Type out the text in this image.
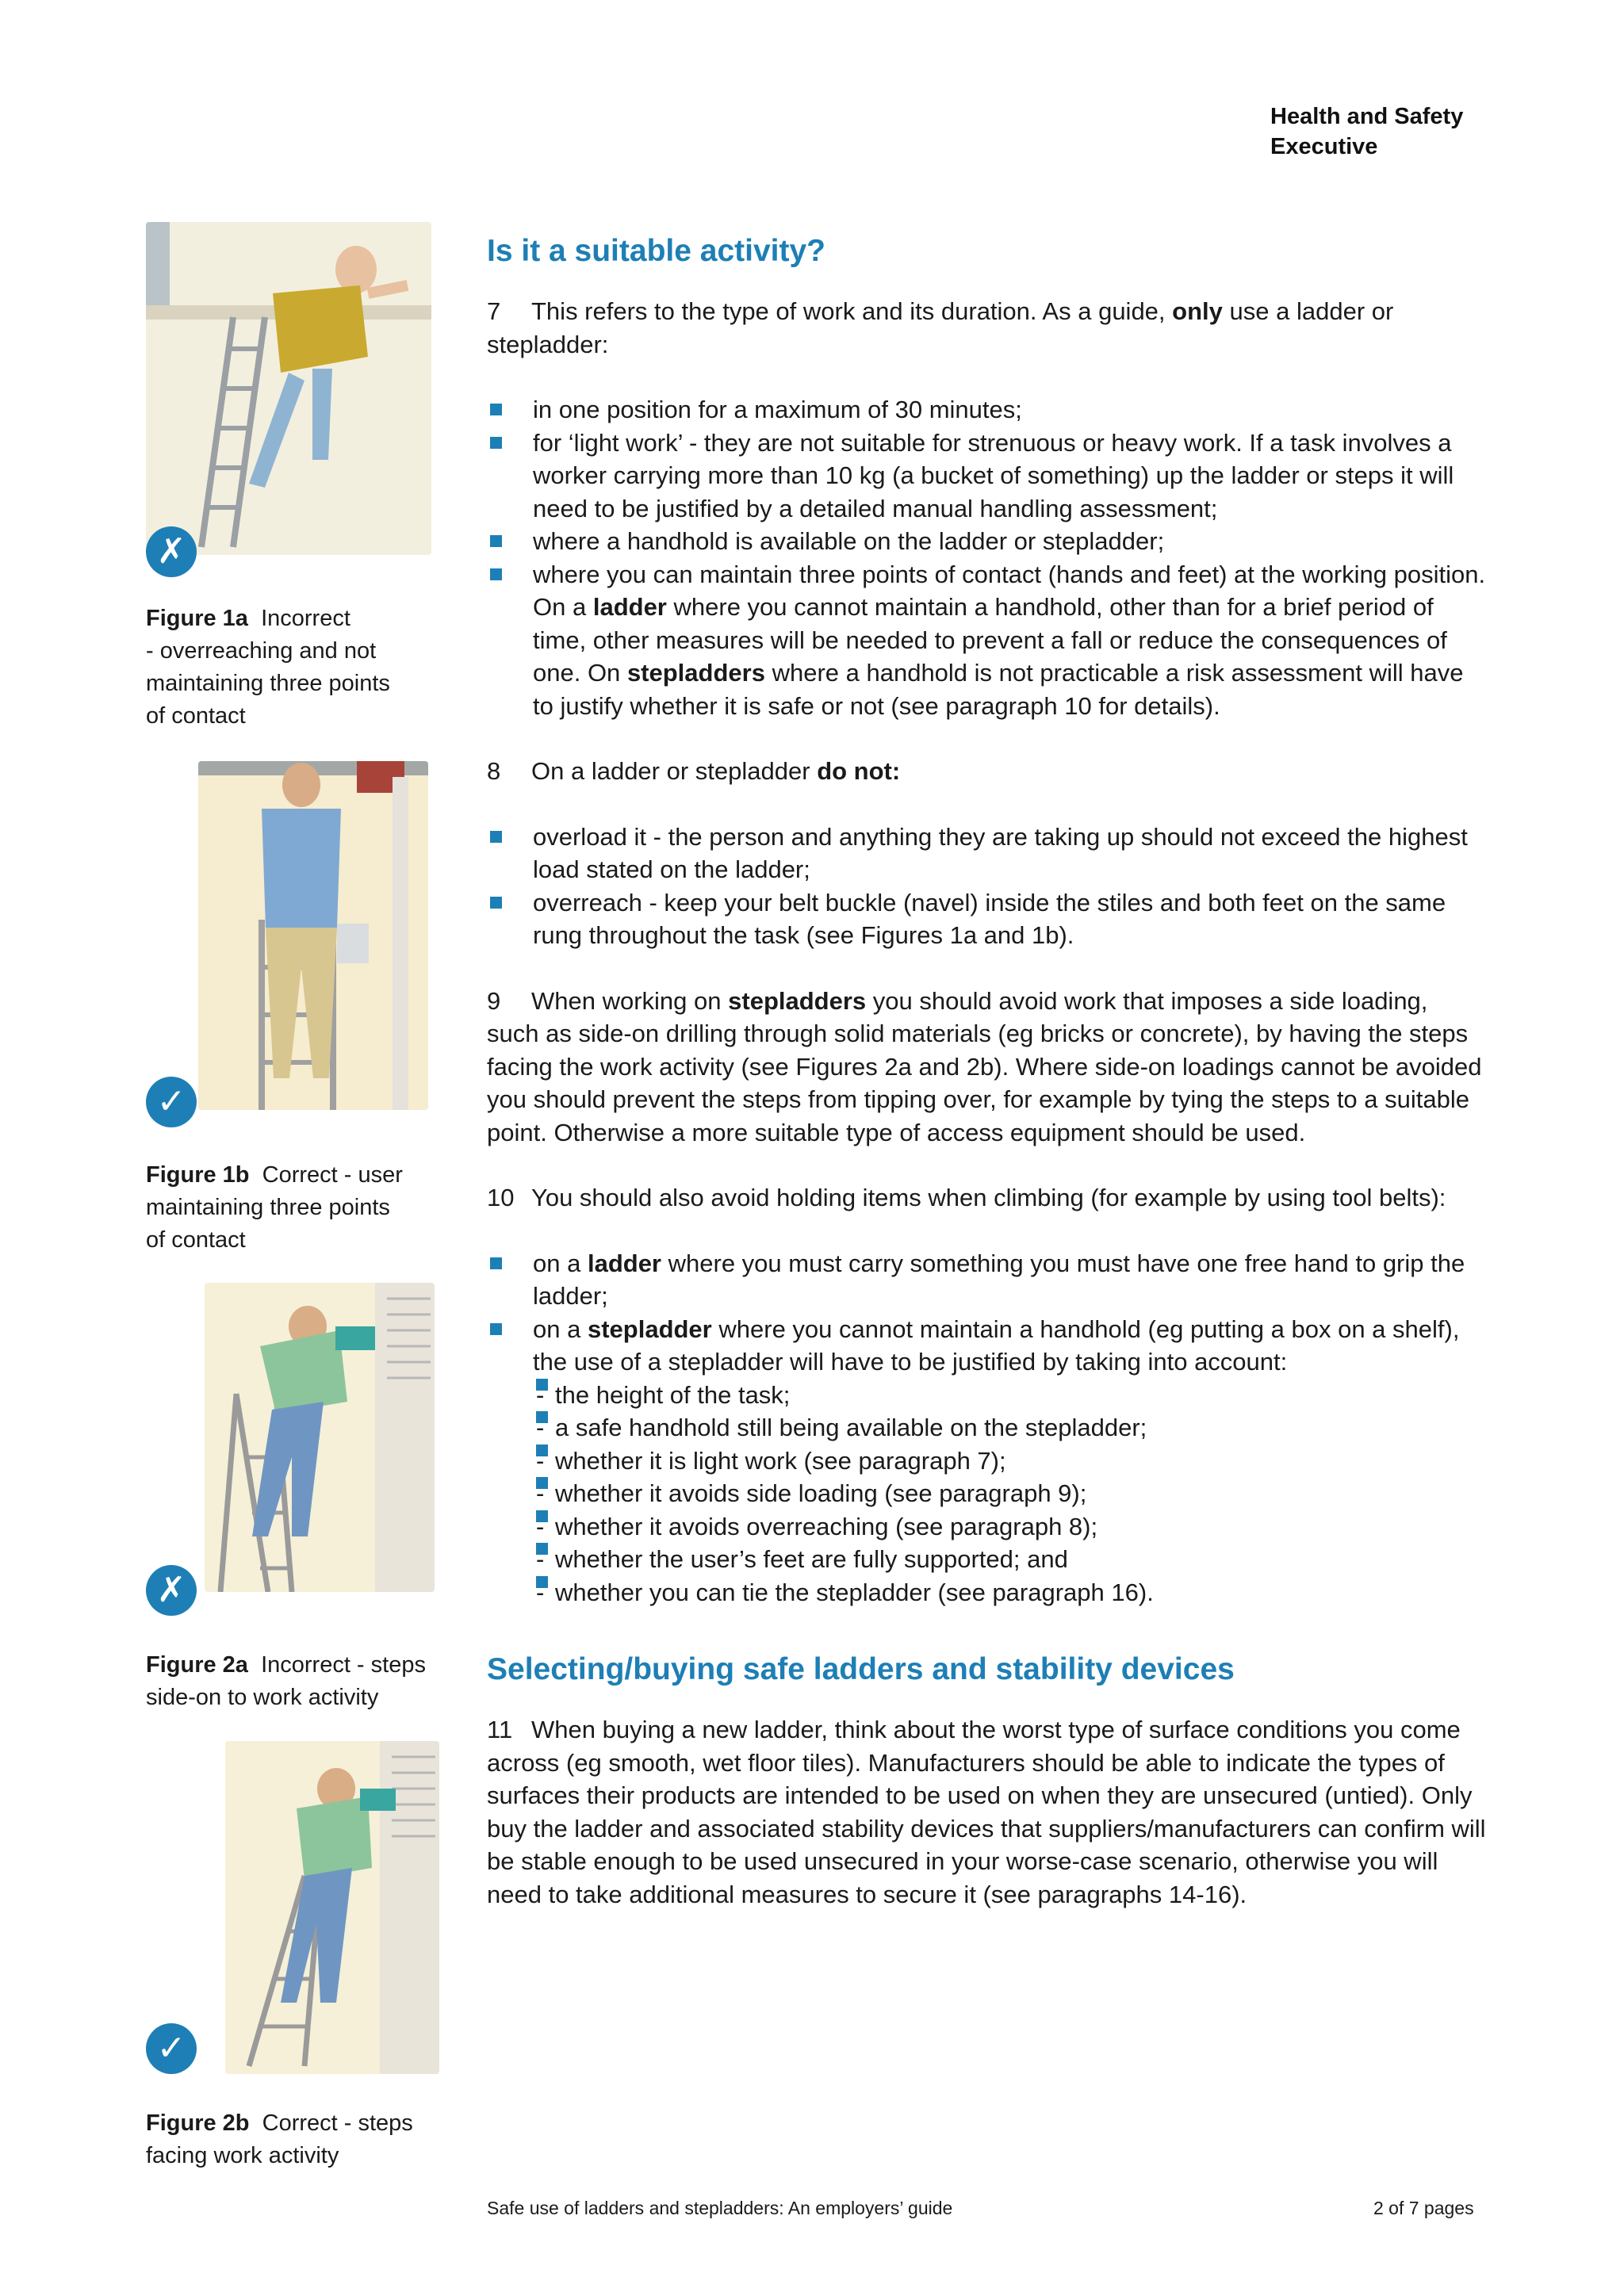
Health and Safety
Executive
✗
Figure 1a Incorrect
- overreaching and not
maintaining three points
of contact
✓
Figure 1b Correct - user
maintaining three points
of contact
✗
Figure 2a Incorrect - steps
side-on to work activity
✓
Figure 2b Correct - steps
facing work activity
Is it a suitable activity?

7 This refers to the type of work and its duration. As a guide, only use a ladder or stepladder:

in one position for a maximum of 30 minutes;
for ‘light work’ - they are not suitable for strenuous or heavy work. If a task involves a worker carrying more than 10 kg (a bucket of something) up the ladder or steps it will need to be justified by a detailed manual handling assessment;
where a handhold is available on the ladder or stepladder;
where you can maintain three points of contact (hands and feet) at the working position. On a ladder where you cannot maintain a handhold, other than for a brief period of time, other measures will be needed to prevent a fall or reduce the consequences of one. On stepladders where a handhold is not practicable a risk assessment will have to justify whether it is safe or not (see paragraph 10 for details).

8 On a ladder or stepladder do not:

overload it - the person and anything they are taking up should not exceed the highest load stated on the ladder;
overreach - keep your belt buckle (navel) inside the stiles and both feet on the same rung throughout the task (see Figures 1a and 1b).

9 When working on stepladders you should avoid work that imposes a side loading, such as side-on drilling through solid materials (eg bricks or concrete), by having the steps facing the work activity (see Figures 2a and 2b). Where side-on loadings cannot be avoided you should prevent the steps from tipping over, for example by tying the steps to a suitable point. Otherwise a more suitable type of access equipment should be used.

10 You should also avoid holding items when climbing (for example by using tool belts):

on a ladder where you must carry something you must have one free hand to grip the ladder;
on a stepladder where you cannot maintain a handhold (eg putting a box on a shelf), the use of a stepladder will have to be justified by taking into account:
- the height of the task;
- a safe handhold still being available on the stepladder;
- whether it is light work (see paragraph 7);
- whether it avoids side loading (see paragraph 9);
- whether it avoids overreaching (see paragraph 8);
- whether the user’s feet are fully supported; and
- whether you can tie the stepladder (see paragraph 16).
Selecting/buying safe ladders and stability devices

11 When buying a new ladder, think about the worst type of surface conditions you come across (eg smooth, wet floor tiles). Manufacturers should be able to indicate the types of surfaces their products are intended to be used on when they are unsecured (untied). Only buy the ladder and associated stability devices that suppliers/manufacturers can confirm will be stable enough to be used unsecured in your worse-case scenario, otherwise you will need to take additional measures to secure it (see paragraphs 14-16).

Safe use of ladders and stepladders: An employers’ guide	2 of 7 pages
